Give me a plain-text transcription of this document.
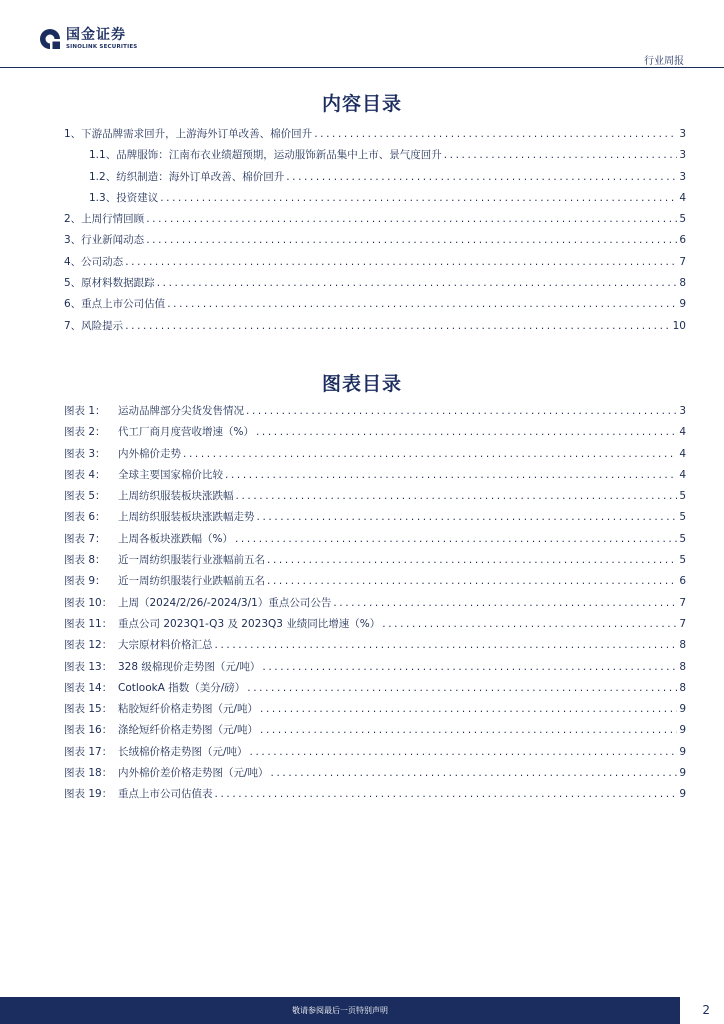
国金证券
SINOLINK SECURITIES
行业周报
内容目录
1、下游品牌需求回升，上游海外订单改善、棉价回升 .....	3
1.1、品牌服饰：江南布衣业绩超预期，运动服饰新品集中上市、景气度回升 .....	3
1.2、纺织制造：海外订单改善、棉价回升 .....	3
1.3、投资建议 .....	4
2、上周行情回顾 .....	5
3、行业新闻动态 .....	6
4、公司动态 .....	7
5、原材料数据跟踪 .....	8
6、重点上市公司估值 .....	9
7、风险提示 .....	10
图表目录
图表 1： 运动品牌部分尖货发售情况 .....	3
图表 2： 代工厂商月度营收增速（%） .....	4
图表 3： 内外棉价走势 .....	4
图表 4： 全球主要国家棉价比较 .....	4
图表 5： 上周纺织服装板块涨跌幅 .....	5
图表 6： 上周纺织服装板块涨跌幅走势 .....	5
图表 7： 上周各板块涨跌幅（%） .....	5
图表 8： 近一周纺织服装行业涨幅前五名 .....	5
图表 9： 近一周纺织服装行业跌幅前五名 .....	6
图表 10： 上周（2024/2/26/-2024/3/1）重点公司公告 .....	7
图表 11： 重点公司 2023Q1-Q3 及 2023Q3 业绩同比增速（%） .....	7
图表 12： 大宗原材料价格汇总 .....	8
图表 13： 328 级棉现价走势图（元/吨） .....	8
图表 14： CotlookA 指数（美分/磅） .....	8
图表 15： 粘胶短纤价格走势图（元/吨） .....	9
图表 16： 涤纶短纤价格走势图（元/吨） .....	9
图表 17： 长绒棉价格走势图（元/吨） .....	9
图表 18： 内外棉价差价格走势图（元/吨） .....	9
图表 19： 重点上市公司估值表 .....	9
敬请参阅最后一页特别声明	2
